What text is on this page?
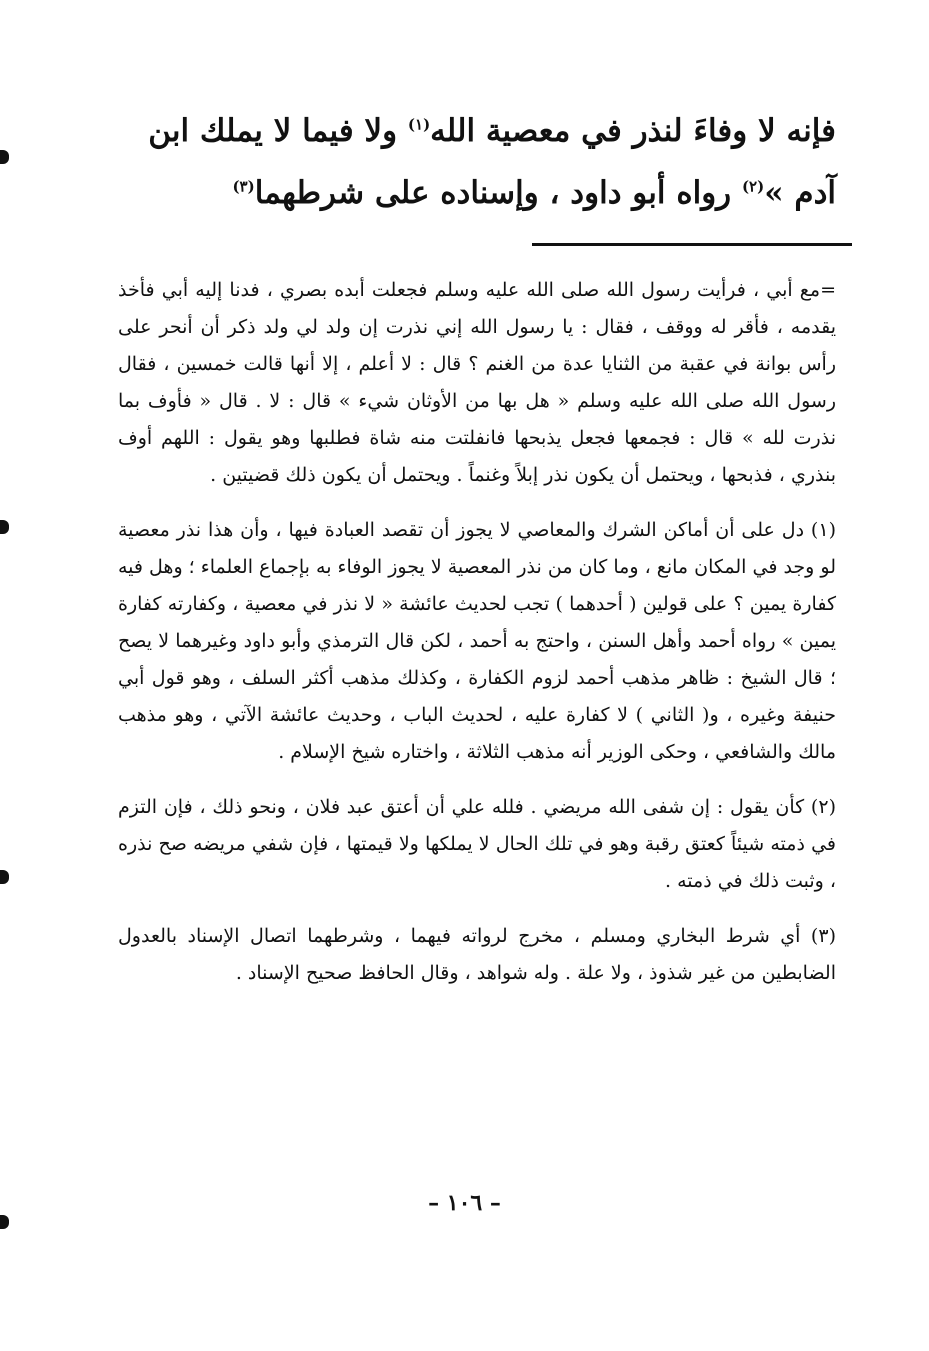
فإنه لا وفاءَ لنذر في معصية الله$^{(١)}$ ولا فيما لا يملك ابن
آدم »$^{(٢)}$ رواه أبو داود ، وإسناده على شرطهما$^{(٣)}$

=مع أبي ، فرأيت رسول الله صلى الله عليه وسلم فجعلت أبده بصري ، فدنا إليه أبي فأخذ يقدمه ، فأقر له ووقف ، فقال : يا رسول الله إني نذرت إن ولد لي ولد ذكر أن أنحر على رأس بوانة في عقبة من الثنايا عدة من الغنم ؟ قال : لا أعلم ، إلا أنها قالت خمسين ، فقال رسول الله صلى الله عليه وسلم « هل بها من الأوثان شيء » قال : لا . قال « فأوف بما نذرت لله » قال : فجمعها فجعل يذبحها فانفلتت منه شاة فطلبها وهو يقول : اللهم أوف بنذري ، فذبحها ، ويحتمل أن يكون نذر إبلاً وغنماً . ويحتمل أن يكون ذلك قضيتين .

(١) دل على أن أماكن الشرك والمعاصي لا يجوز أن تقصد العبادة فيها ، وأن هذا نذر معصية لو وجد في المكان مانع ، وما كان من نذر المعصية لا يجوز الوفاء به بإجماع العلماء ؛ وهل فيه كفارة يمين ؟ على قولين ( أحدهما ) تجب لحديث عائشة « لا نذر في معصية ، وكفارته كفارة يمين » رواه أحمد وأهل السنن ، واحتج به أحمد ، لكن قال الترمذي وأبو داود وغيرهما لا يصح ؛ قال الشيخ : ظاهر مذهب أحمد لزوم الكفارة ، وكذلك مذهب أكثر السلف ، وهو قول أبي حنيفة وغيره ، و( الثاني ) لا كفارة عليه ، لحديث الباب ، وحديث عائشة الآتي ، وهو مذهب مالك والشافعي ، وحكى الوزير أنه مذهب الثلاثة ، واختاره شيخ الإسلام .

(٢) كأن يقول : إن شفى الله مريضي . فلله علي أن أعتق عبد فلان ، ونحو ذلك ، فإن التزم في ذمته شيئاً كعتق رقبة وهو في تلك الحال لا يملكها ولا قيمتها ، فإن شفي مريضه صح نذره ، وثبت ذلك في ذمته .

(٣) أي شرط البخاري ومسلم ، مخرج لرواته فيهما ، وشرطهما اتصال الإسناد بالعدول الضابطين من غير شذوذ ، ولا علة . وله شواهد ، وقال الحافظ صحيح الإسناد .

– ١٠٦ –
